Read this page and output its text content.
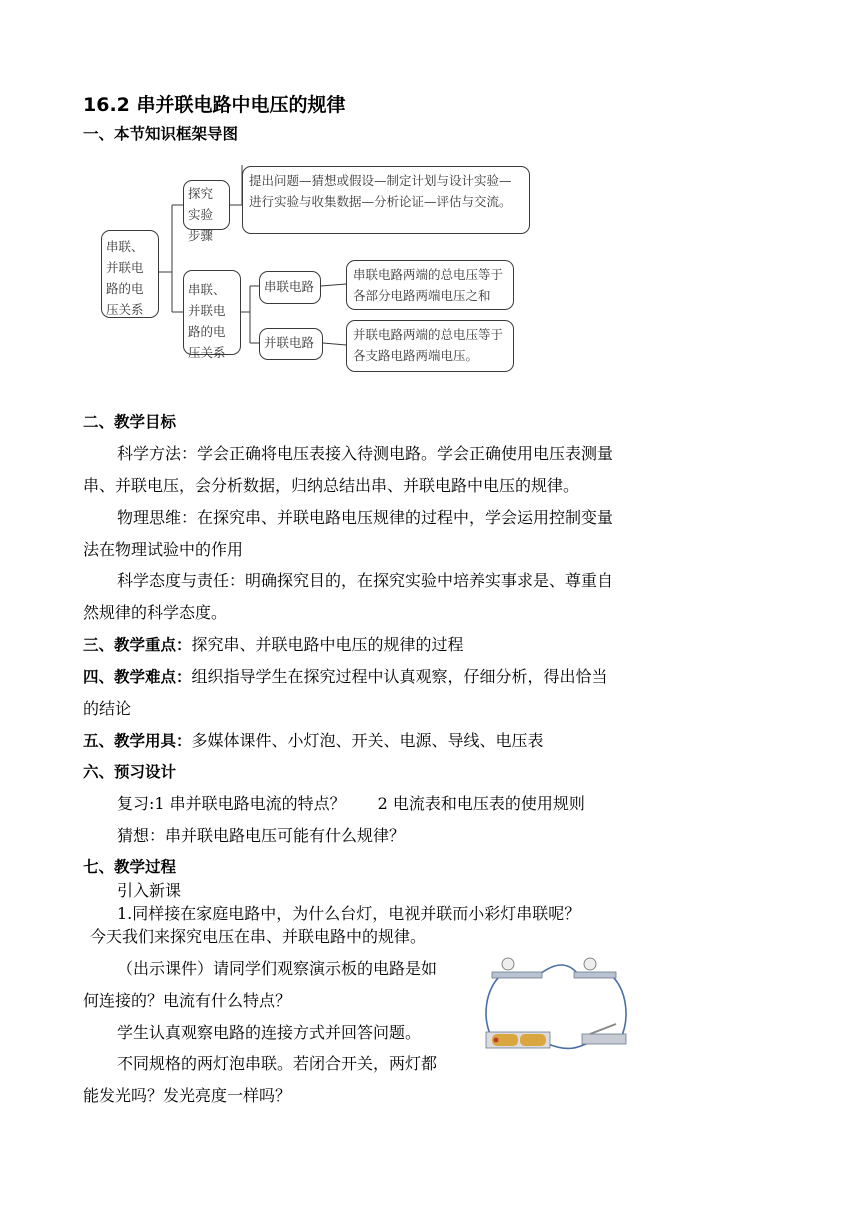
16.2 串并联电路中电压的规律
一、本节知识框架导图
串联、并联电路的电压关系
探究实验步骤
提出问题—猜想或假设—制定计划与设计实验—进行实验与收集数据—分析论证—评估与交流。
串联、并联电路的电压关系
串联电路
串联电路两端的总电压等于各部分电路两端电压之和
并联电路
并联电路两端的总电压等于各支路电路两端电压。
二、教学目标
科学方法：学会正确将电压表接入待测电路。学会正确使用电压表测量
串、并联电压，会分析数据，归纳总结出串、并联电路中电压的规律。
物理思维：在探究串、并联电路电压规律的过程中，学会运用控制变量
法在物理试验中的作用
科学态度与责任：明确探究目的，在探究实验中培养实事求是、尊重自
然规律的科学态度。
三、教学重点：探究串、并联电路中电压的规律的过程
四、教学难点：组织指导学生在探究过程中认真观察，仔细分析，得出恰当
的结论
五、教学用具：多媒体课件、小灯泡、开关、电源、导线、电压表
六、预习设计
复习:1 串并联电路电流的特点？　　2 电流表和电压表的使用规则
猜想：串并联电路电压可能有什么规律？
七、教学过程
引入新课
1.同样接在家庭电路中，为什么台灯，电视并联而小彩灯串联呢？
今天我们来探究电压在串、并联电路中的规律。
（出示课件）请同学们观察演示板的电路是如
何连接的？电流有什么特点？
学生认真观察电路的连接方式并回答问题。
不同规格的两灯泡串联。若闭合开关，两灯都
能发光吗？发光亮度一样吗？
